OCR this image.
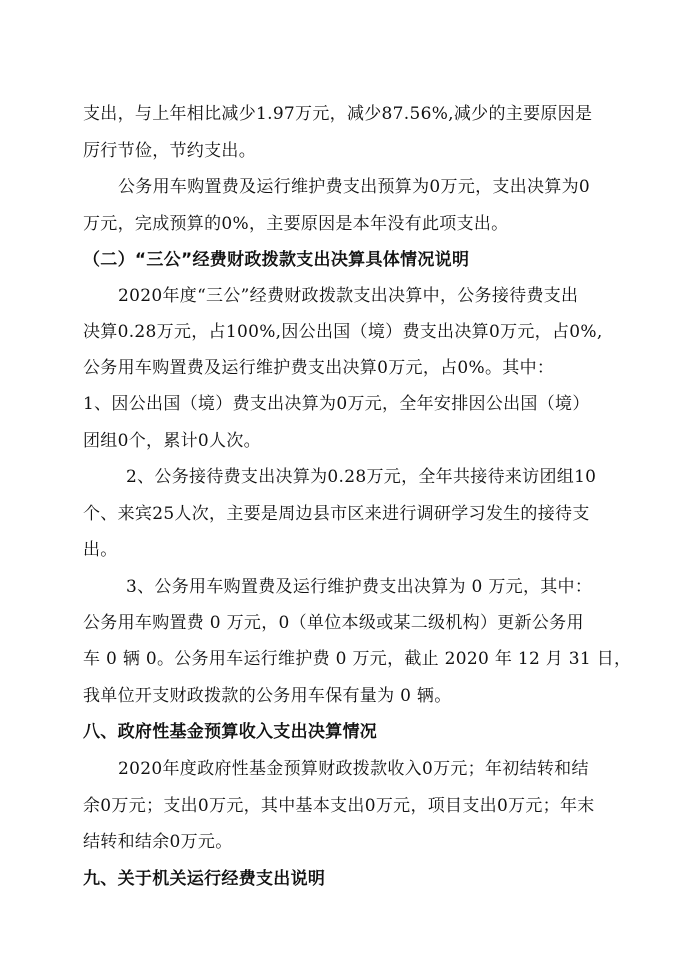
支出，与上年相比减少1.97万元，减少87.56%,减少的主要原因是
厉行节俭，节约支出。
公务用车购置费及运行维护费支出预算为0万元，支出决算为0
万元，完成预算的0%，主要原因是本年没有此项支出。
（二）“三公”经费财政拨款支出决算具体情况说明
2020年度“三公”经费财政拨款支出决算中，公务接待费支出
决算0.28万元，占100%,因公出国（境）费支出决算0万元，占0%,
公务用车购置费及运行维护费支出决算0万元，占0%。其中：
1、因公出国（境）费支出决算为0万元，全年安排因公出国（境）
团组0个，累计0人次。
2、公务接待费支出决算为0.28万元，全年共接待来访团组10
个、来宾25人次，主要是周边县市区来进行调研学习发生的接待支
出。
3、公务用车购置费及运行维护费支出决算为 0 万元，其中：
公务用车购置费 0 万元，0（单位本级或某二级机构）更新公务用
车 0 辆 0。公务用车运行维护费 0 万元，截止 2020 年 12 月 31 日，
我单位开支财政拨款的公务用车保有量为 0 辆。
八、政府性基金预算收入支出决算情况
2020年度政府性基金预算财政拨款收入0万元；年初结转和结
余0万元；支出0万元，其中基本支出0万元，项目支出0万元；年末
结转和结余0万元。
九、关于机关运行经费支出说明
